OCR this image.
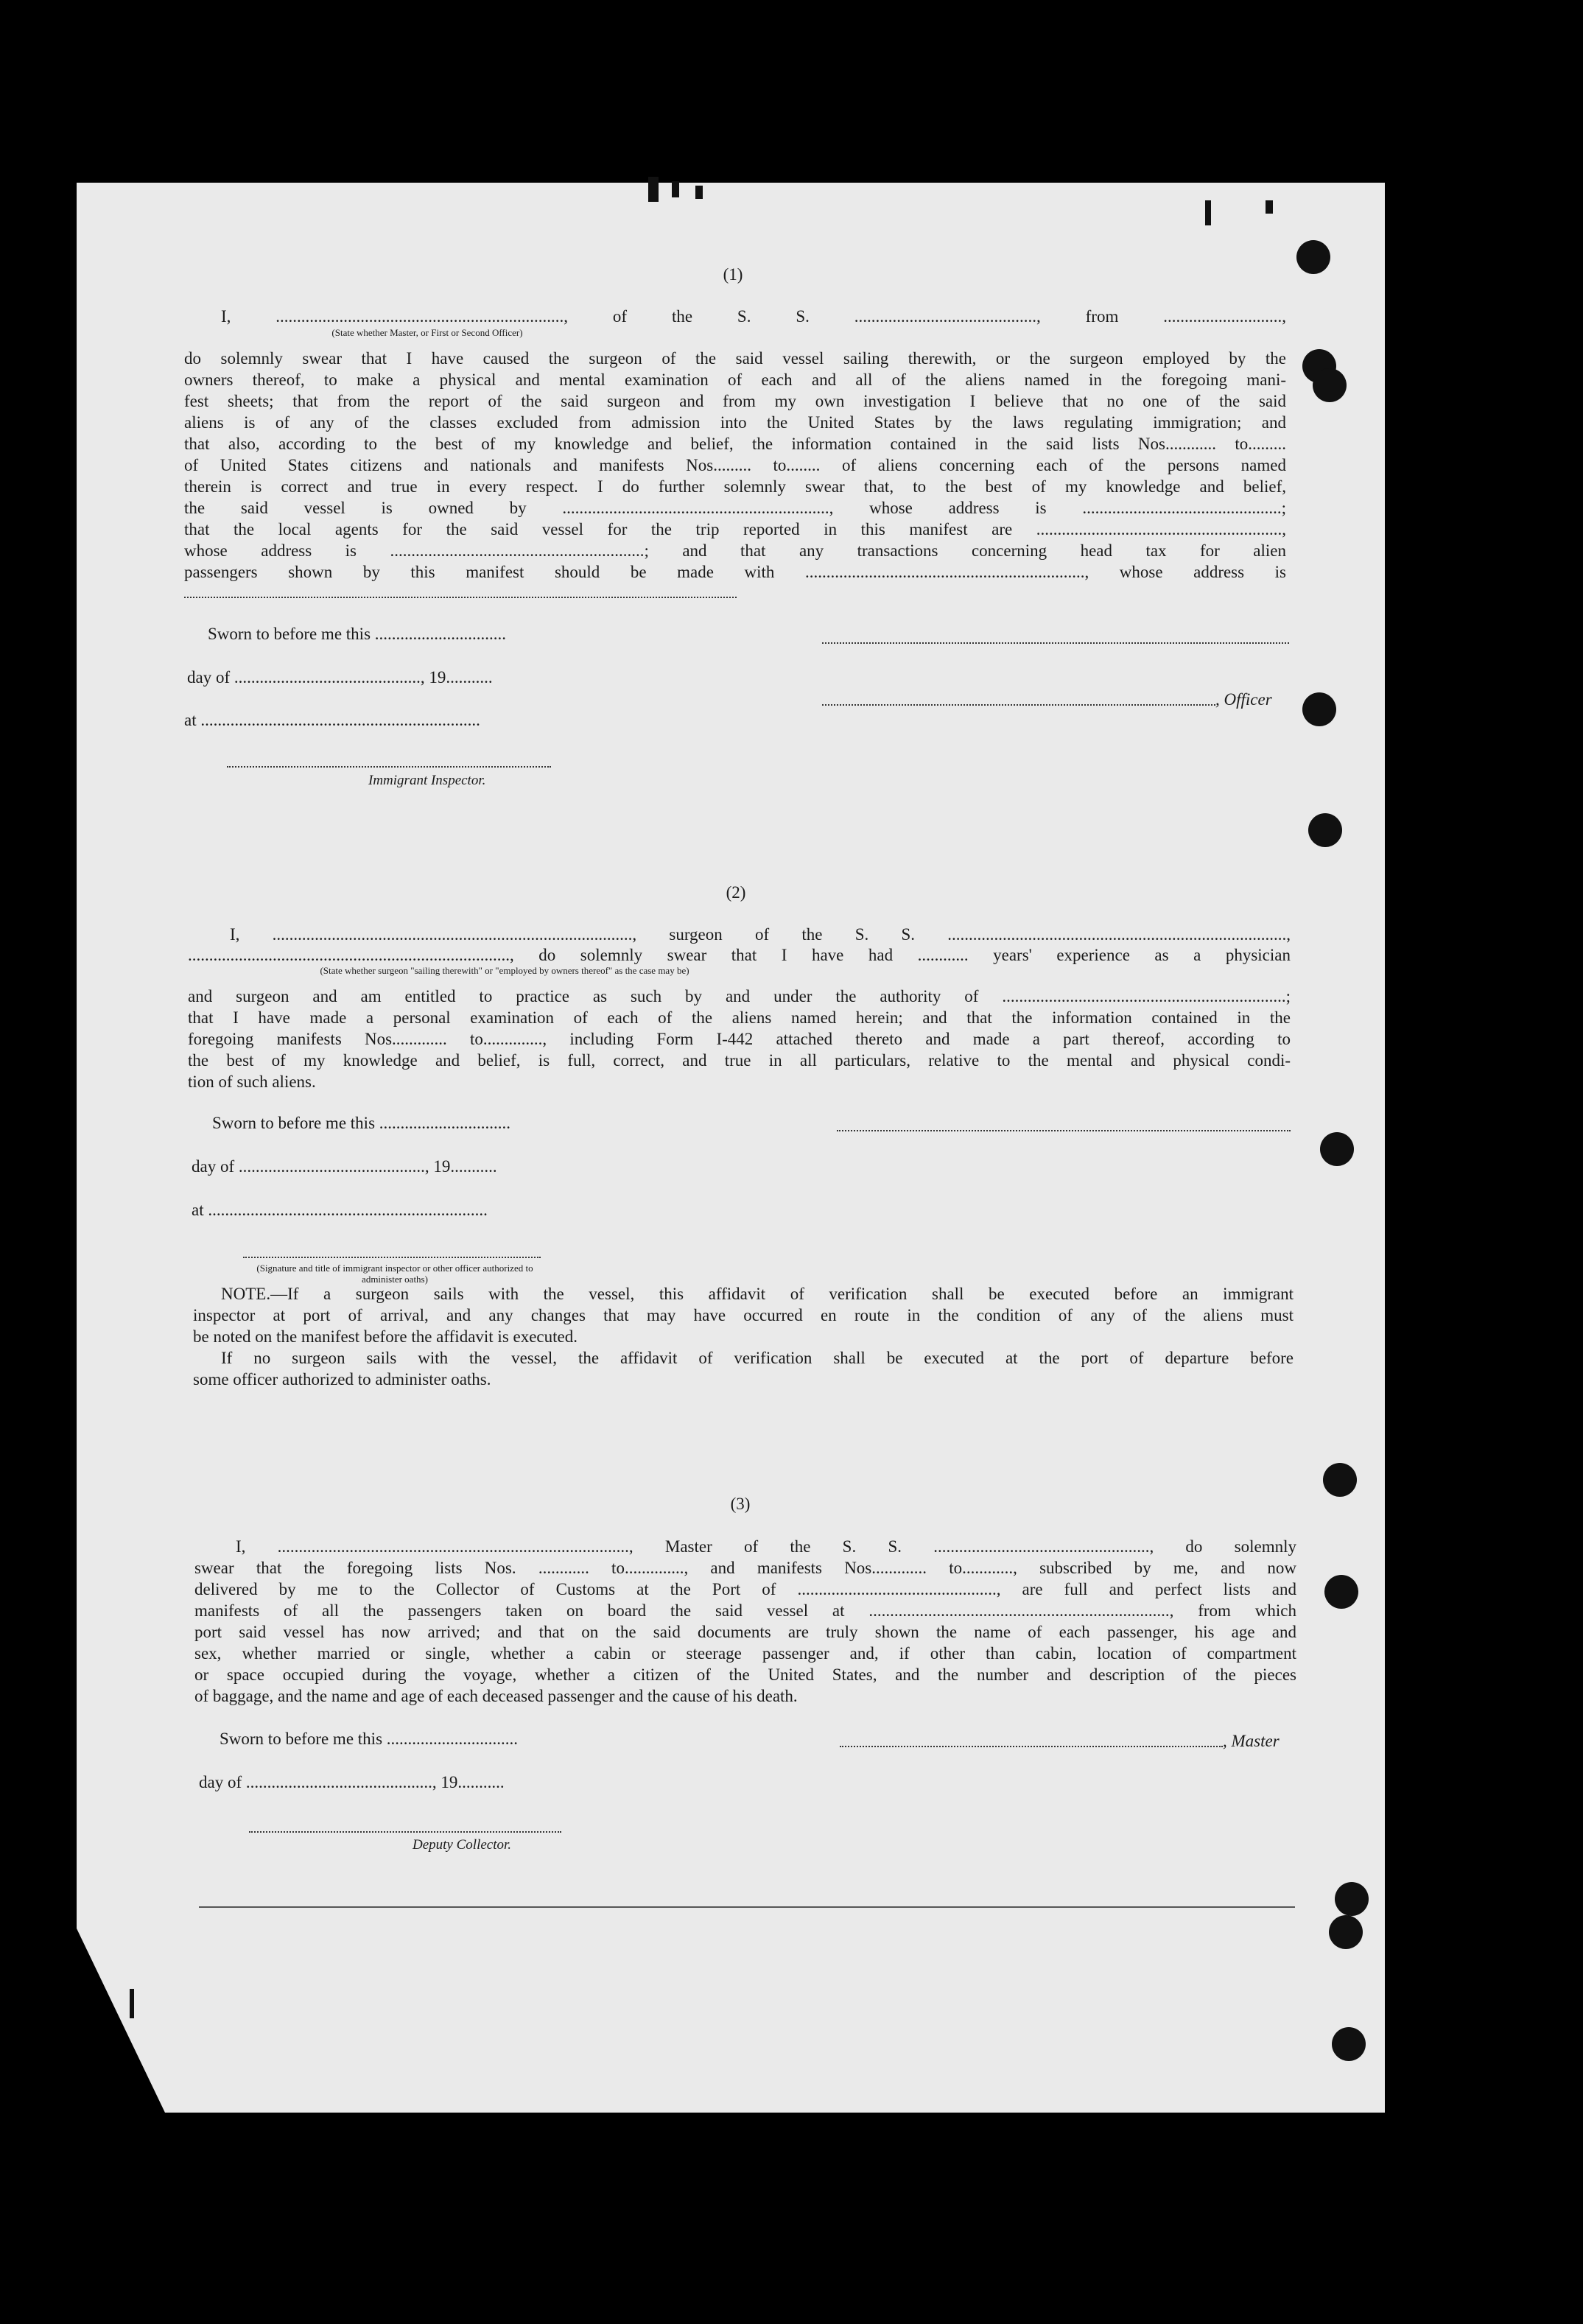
(1)
I, ...................................................................., of the S. S. ..........................................., from ............................,
(State whether Master, or First or Second Officer)
do solemnly swear that I have caused the surgeon of the said vessel sailing therewith, or the surgeon employed by the
owners thereof, to make a physical and mental examination of each and all of the aliens named in the foregoing mani-
fest sheets; that from the report of the said surgeon and from my own investigation I believe that no one of the said
aliens is of any of the classes excluded from admission into the United States by the laws regulating immigration; and
that also, according to the best of my knowledge and belief, the information contained in the said lists Nos............ to.........
of United States citizens and nationals and manifests Nos......... to........ of aliens concerning each of the persons named
therein is correct and true in every respect. I do further solemnly swear that, to the best of my knowledge and belief,
the said vessel is owned by ..............................................................., whose address is ...............................................;
that the local agents for the said vessel for the trip reported in this manifest are ..........................................................,
whose address is ............................................................; and that any transactions concerning head tax for alien
passengers shown by this manifest should be made with .................................................................., whose address is
Sworn to before me this ...............................
day of ............................................, 19...........
, Officer
at ..................................................................
Immigrant Inspector.
(2)
I, ....................................................................................., surgeon of the S. S. ................................................................................,
............................................................................, do solemnly swear that I have had ............ years' experience as a physician
(State whether surgeon "sailing therewith" or "employed by owners thereof" as the case may be)
and surgeon and am entitled to practice as such by and under the authority of ...................................................................;
that I have made a personal examination of each of the aliens named herein; and that the information contained in the
foregoing manifests Nos............. to.............., including Form I-442 attached thereto and made a part thereof, according to
the best of my knowledge and belief, is full, correct, and true in all particulars, relative to the mental and physical condi-
tion of such aliens.
Sworn to before me this ...............................
day of ............................................, 19...........
at ..................................................................
(Signature and title of immigrant inspector or other officer authorized to administer oaths)
NOTE.—If a surgeon sails with the vessel, this affidavit of verification shall be executed before an immigrant
inspector at port of arrival, and any changes that may have occurred en route in the condition of any of the aliens must
be noted on the manifest before the affidavit is executed.
If no surgeon sails with the vessel, the affidavit of verification shall be executed at the port of departure before
some officer authorized to administer oaths.
(3)
I, ..................................................................................., Master of the S. S. ..................................................., do solemnly
swear that the foregoing lists Nos. ............ to.............., and manifests Nos............. to............, subscribed by me, and now
delivered by me to the Collector of Customs at the Port of ..............................................., are full and perfect lists and
manifests of all the passengers taken on board the said vessel at ......................................................................., from which
port said vessel has now arrived; and that on the said documents are truly shown the name of each passenger, his age and
sex, whether married or single, whether a cabin or steerage passenger and, if other than cabin, location of compartment
or space occupied during the voyage, whether a citizen of the United States, and the number and description of the pieces
of baggage, and the name and age of each deceased passenger and the cause of his death.
Sworn to before me this ...............................	, Master
day of ............................................, 19...........
Deputy Collector.
